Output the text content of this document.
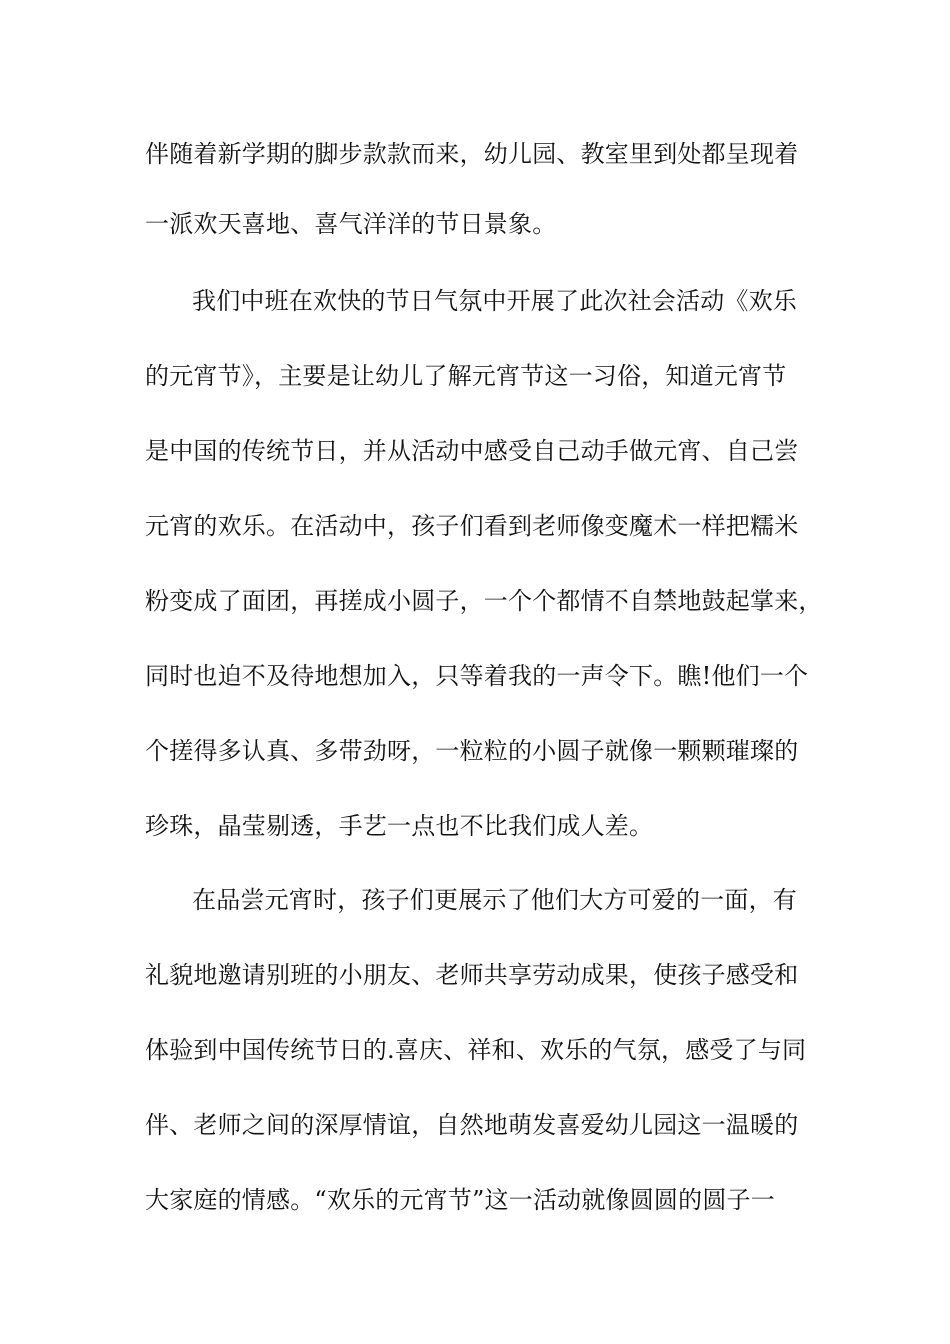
伴随着新学期的脚步款款而来，幼儿园、教室里到处都呈现着
一派欢天喜地、喜气洋洋的节日景象。
我们中班在欢快的节日气氛中开展了此次社会活动《欢乐
的元宵节》，主要是让幼儿了解元宵节这一习俗，知道元宵节
是中国的传统节日，并从活动中感受自己动手做元宵、自己尝
元宵的欢乐。在活动中，孩子们看到老师像变魔术一样把糯米
粉变成了面团，再搓成小圆子，一个个都情不自禁地鼓起掌来，
同时也迫不及待地想加入，只等着我的一声令下。瞧!他们一个
个搓得多认真、多带劲呀，一粒粒的小圆子就像一颗颗璀璨的
珍珠，晶莹剔透，手艺一点也不比我们成人差。
在品尝元宵时，孩子们更展示了他们大方可爱的一面，有
礼貌地邀请别班的小朋友、老师共享劳动成果，使孩子感受和
体验到中国传统节日的.喜庆、祥和、欢乐的气氛，感受了与同
伴、老师之间的深厚情谊，自然地萌发喜爱幼儿园这一温暖的
大家庭的情感。“欢乐的元宵节”这一活动就像圆圆的圆子一
